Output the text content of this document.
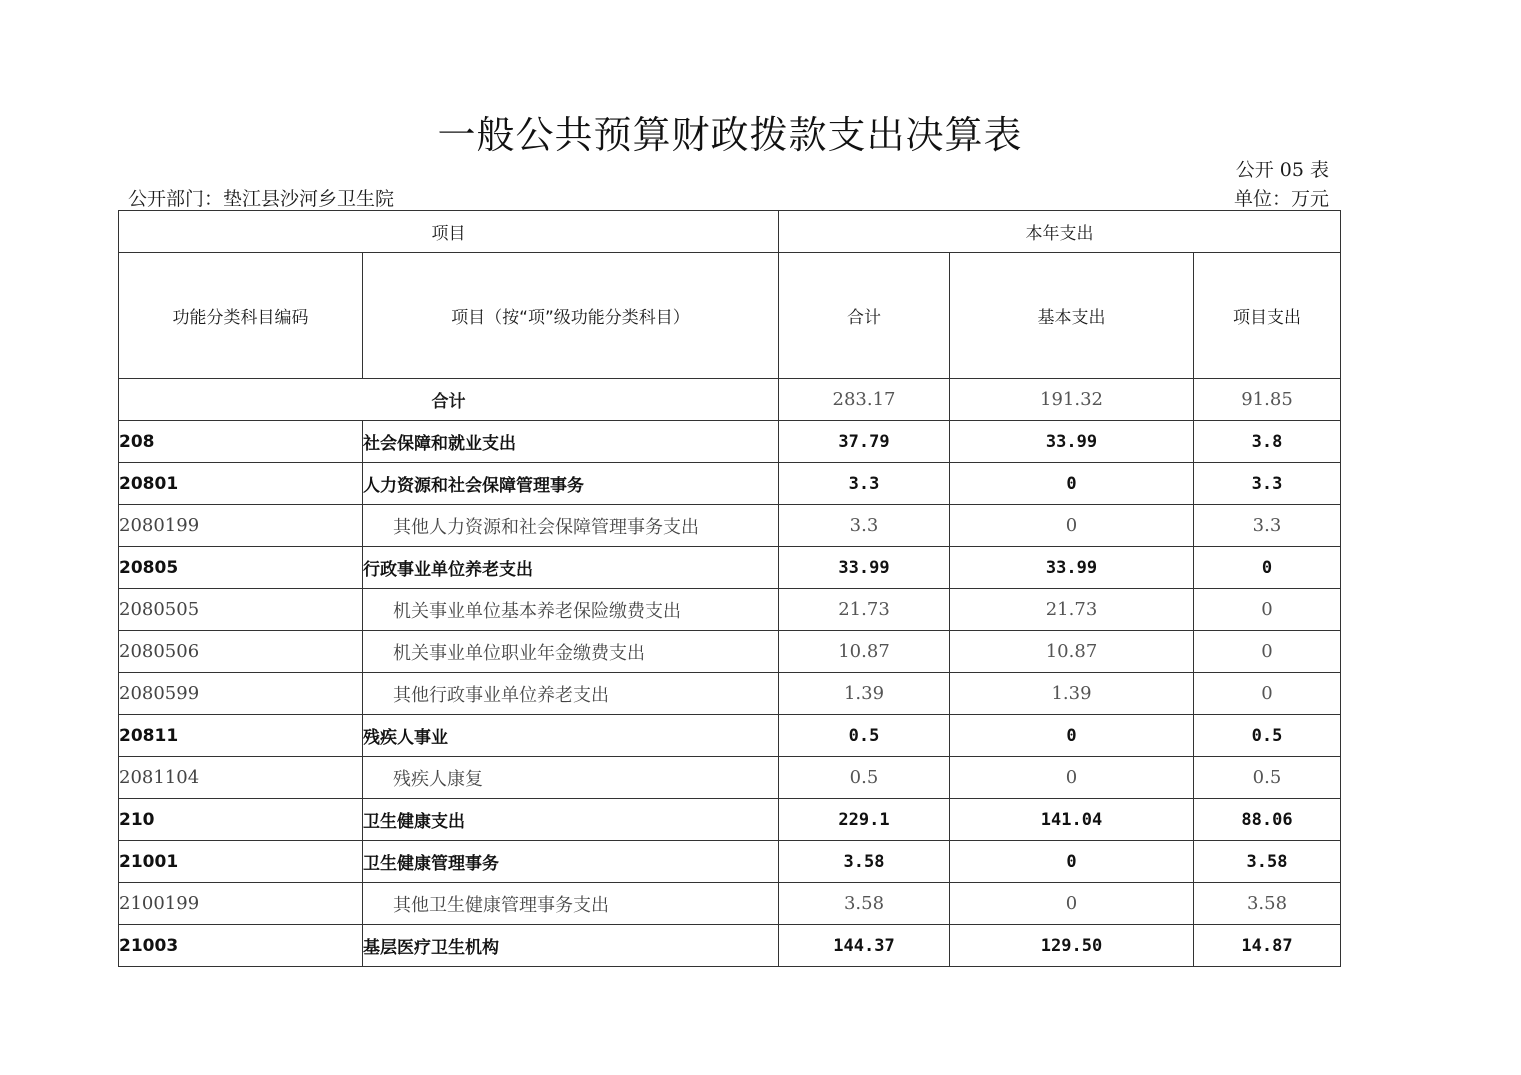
一般公共预算财政拨款支出决算表
公开 05 表
公开部门：垫江县沙河乡卫生院	单位：万元
项目		本年支出		
功能分类科目编码	项目（按“项”级功能分类科目）	合计	基本支出	项目支出
合计		283.17	191.32	91.85
208	社会保障和就业支出	37.79	33.99	3.8
20801	人力资源和社会保障管理事务	3.3	0	3.3
2080199	其他人力资源和社会保障管理事务支出	3.3	0	3.3
20805	行政事业单位养老支出	33.99	33.99	0
2080505	机关事业单位基本养老保险缴费支出	21.73	21.73	0
2080506	机关事业单位职业年金缴费支出	10.87	10.87	0
2080599	其他行政事业单位养老支出	1.39	1.39	0
20811	残疾人事业	0.5	0	0.5
2081104	残疾人康复	0.5	0	0.5
210	卫生健康支出	229.1	141.04	88.06
21001	卫生健康管理事务	3.58	0	3.58
2100199	其他卫生健康管理事务支出	3.58	0	3.58
21003	基层医疗卫生机构	144.37	129.50	14.87
